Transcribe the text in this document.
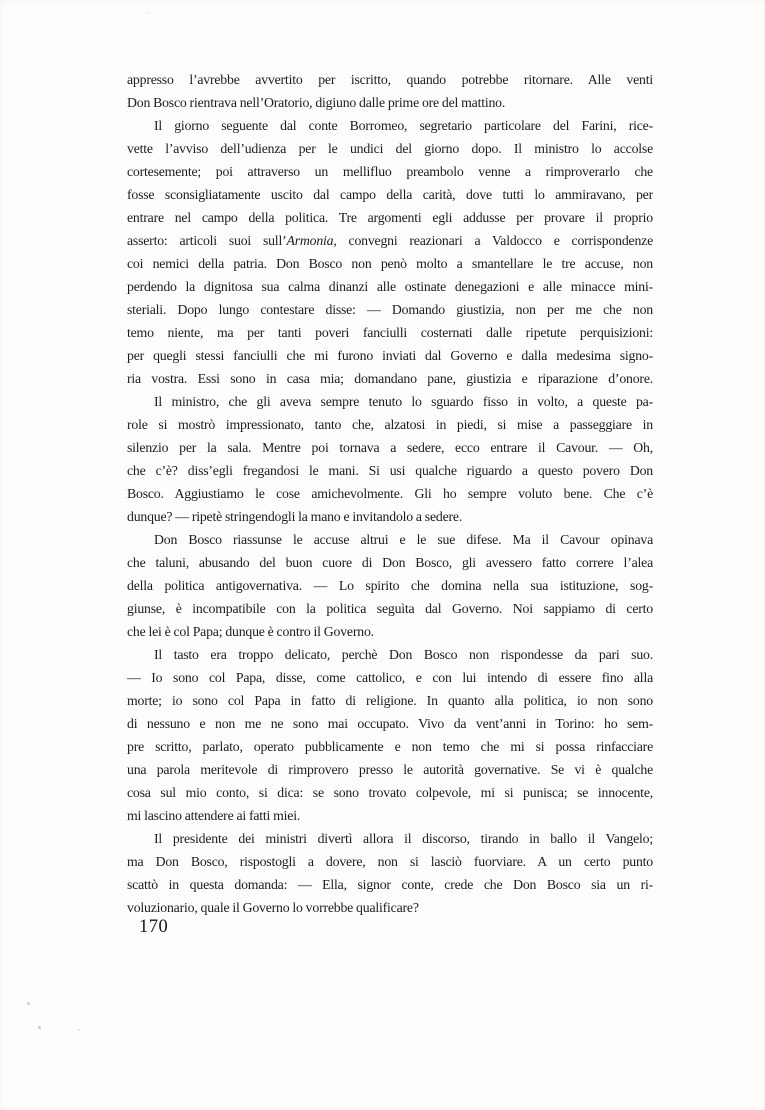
appresso l’avrebbe avvertito per iscritto, quando potrebbe ritornare. Alle venti
Don Bosco rientrava nell’Oratorio, digiuno dalle prime ore del mattino.
Il giorno seguente dal conte Borromeo, segretario particolare del Farini, rice-
vette l’avviso dell’udienza per le undici del giorno dopo. Il ministro lo accolse
cortesemente; poi attraverso un mellifluo preambolo venne a rimproverarlo che
fosse sconsigliatamente uscito dal campo della carità, dove tutti lo ammiravano, per
entrare nel campo della politica. Tre argomenti egli addusse per provare il proprio
asserto: articoli suoi sull’Armonia, convegni reazionari a Valdocco e corrispondenze
coi nemici della patria. Don Bosco non penò molto a smantellare le tre accuse, non
perdendo la dignitosa sua calma dinanzi alle ostinate denegazioni e alle minacce mini-
steriali. Dopo lungo contestare disse: — Domando giustizia, non per me che non
temo niente, ma per tanti poveri fanciulli costernati dalle ripetute perquisizioni:
per quegli stessi fanciulli che mi furono inviati dal Governo e dalla medesima signo-
ria vostra. Essi sono in casa mia; domandano pane, giustizia e riparazione d’onore.
Il ministro, che gli aveva sempre tenuto lo sguardo fisso in volto, a queste pa-
role si mostrò impressionato, tanto che, alzatosi in piedi, si mise a passeggiare in
silenzio per la sala. Mentre poi tornava a sedere, ecco entrare il Cavour. — Oh,
che c’è? diss’egli fregandosi le mani. Si usi qualche riguardo a questo povero Don
Bosco. Aggiustiamo le cose amichevolmente. Gli ho sempre voluto bene. Che c’è
dunque? — ripetè stringendogli la mano e invitandolo a sedere.
Don Bosco riassunse le accuse altrui e le sue difese. Ma il Cavour opinava
che taluni, abusando del buon cuore di Don Bosco, gli avessero fatto correre l’alea
della politica antigovernativa. — Lo spirito che domina nella sua istituzione, sog-
giunse, è incompatibile con la politica seguìta dal Governo. Noi sappiamo di certo
che lei è col Papa; dunque è contro il Governo.
Il tasto era troppo delicato, perchè Don Bosco non rispondesse da pari suo.
— Io sono col Papa, disse, come cattolico, e con lui intendo di essere fino alla
morte; io sono col Papa in fatto di religione. In quanto alla politica, io non sono
di nessuno e non me ne sono mai occupato. Vivo da vent’anni in Torino: ho sem-
pre scritto, parlato, operato pubblicamente e non temo che mi si possa rinfacciare
una parola meritevole di rimprovero presso le autorità governative. Se vi è qualche
cosa sul mio conto, si dica: se sono trovato colpevole, mi si punisca; se innocente,
mi lascino attendere ai fatti miei.
Il presidente dei ministri divertì allora il discorso, tirando in ballo il Vangelo;
ma Don Bosco, rispostogli a dovere, non si lasciò fuorviare. A un certo punto
scattò in questa domanda: — Ella, signor conte, crede che Don Bosco sia un ri-
voluzionario, quale il Governo lo vorrebbe qualificare?
170
